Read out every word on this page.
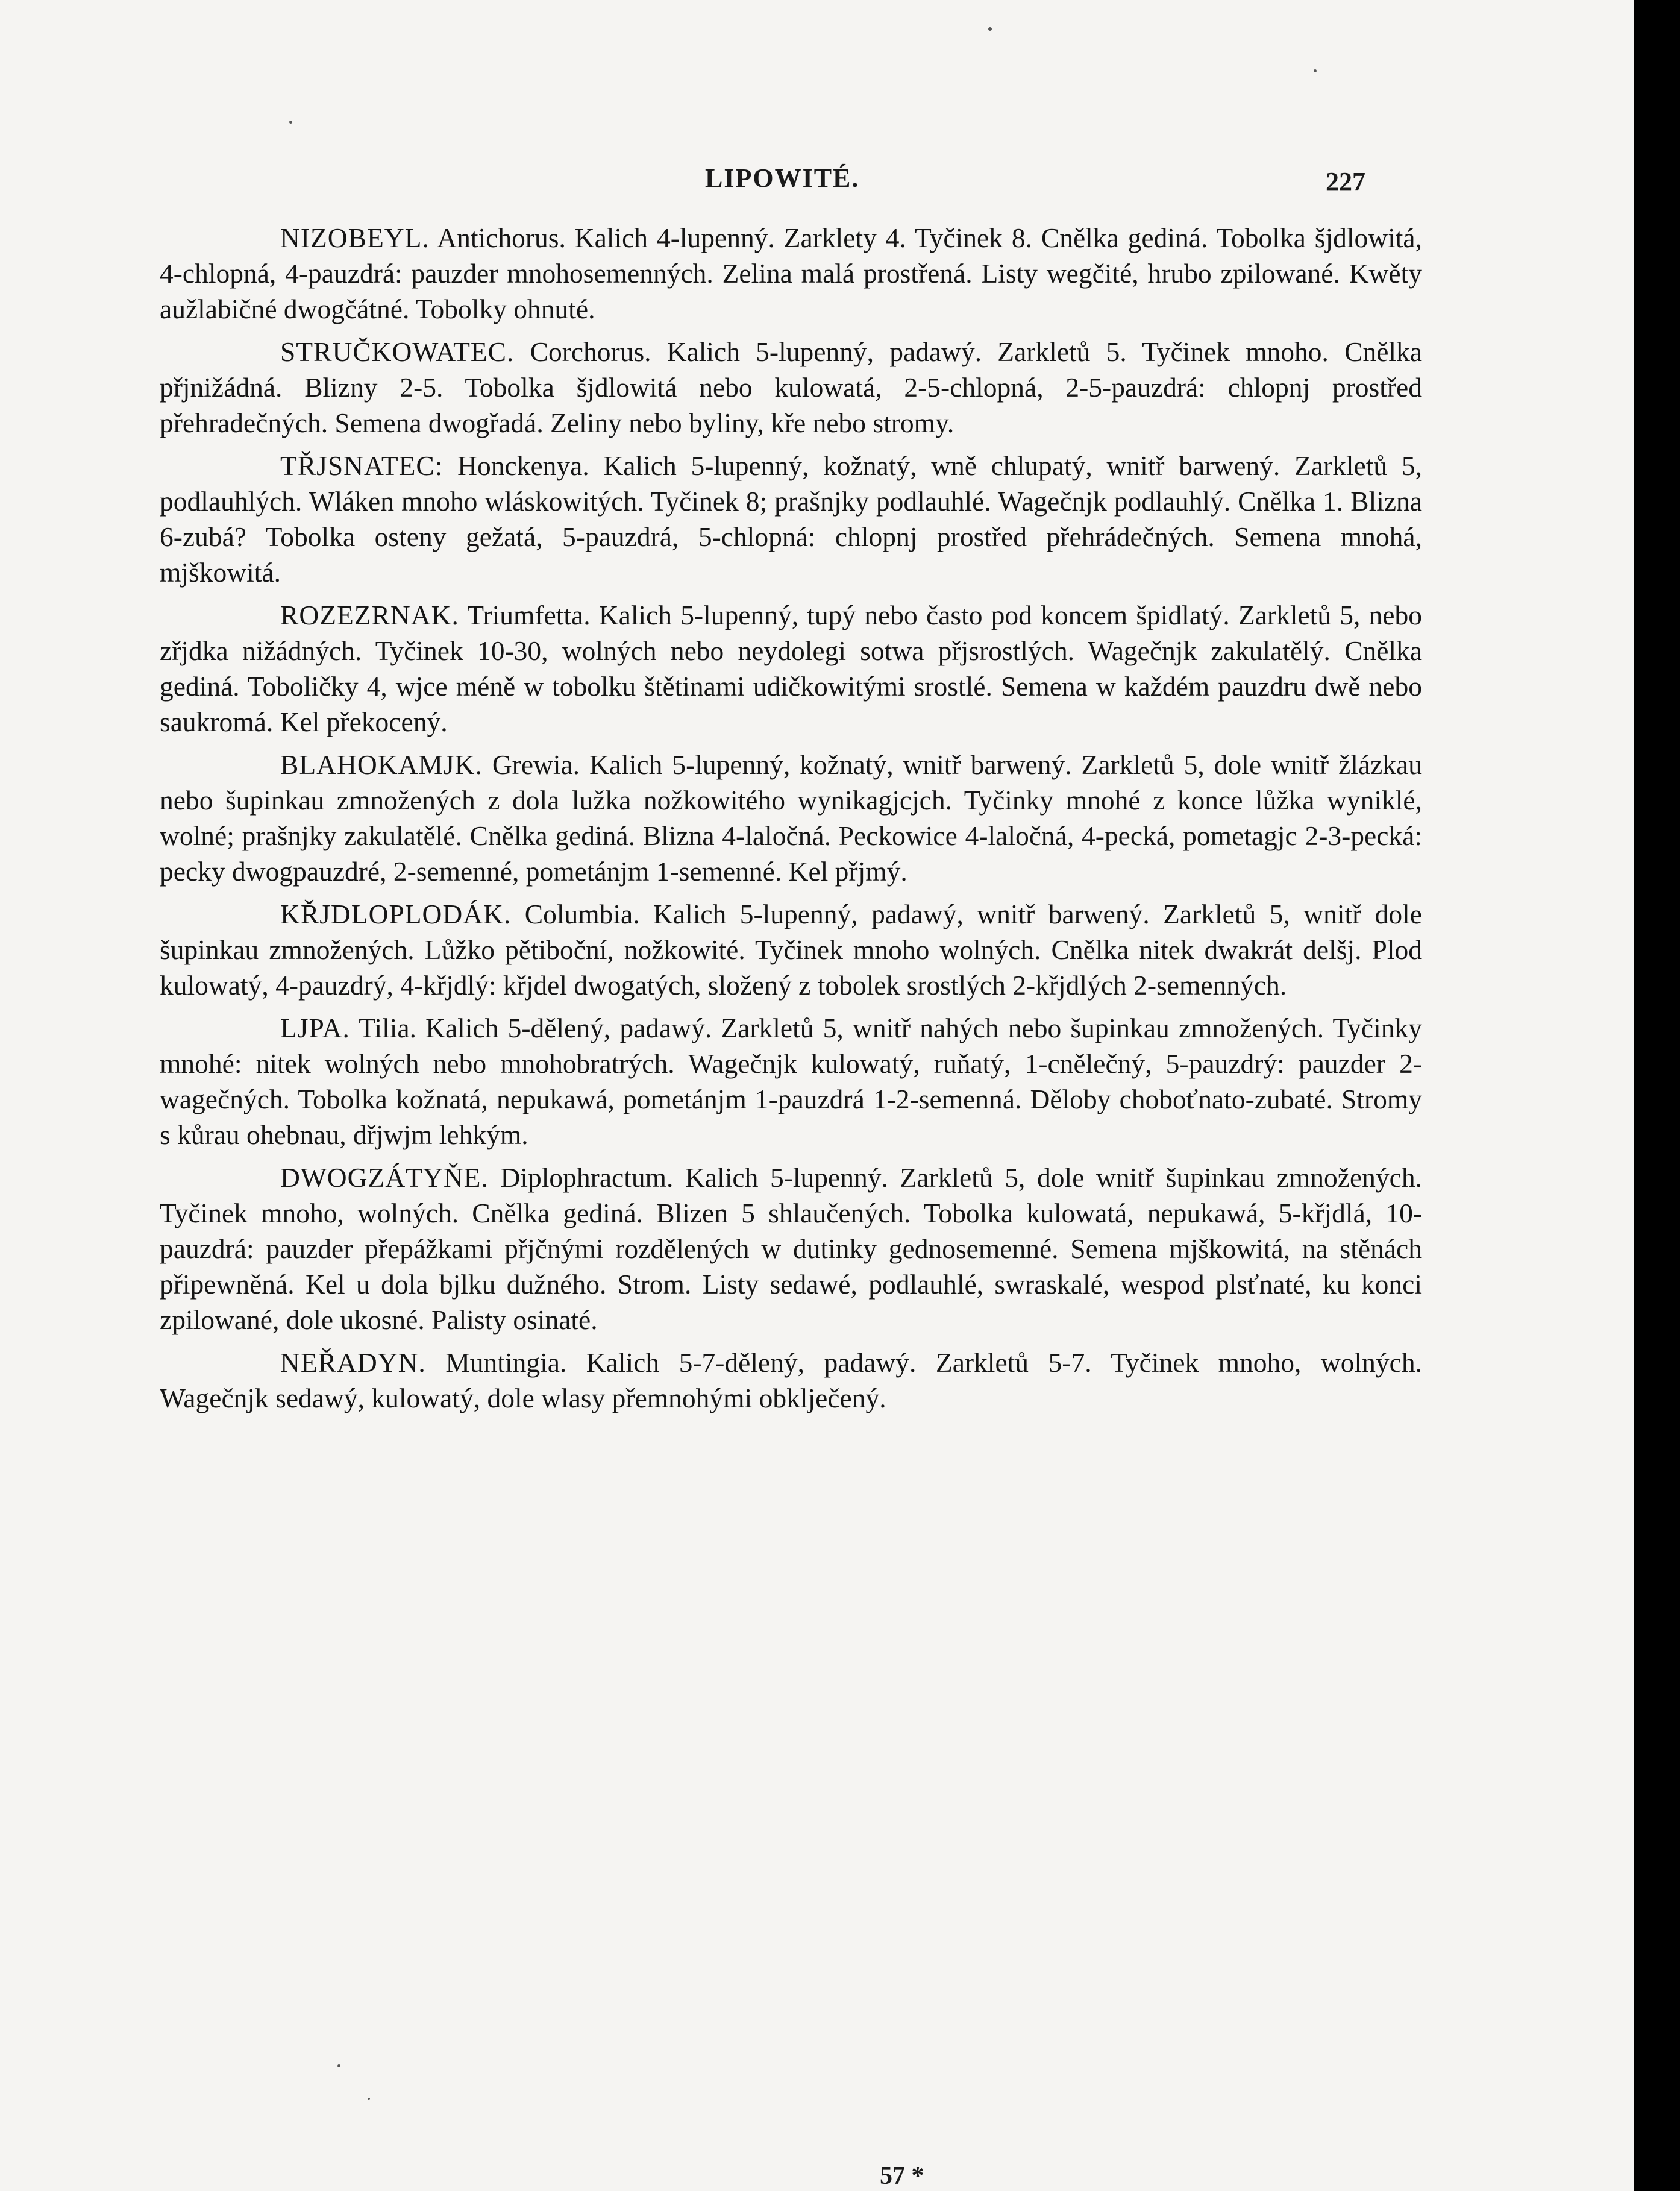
LIPOWITÉ.	227

NIZOBEYL. Antichorus. Kalich 4-lupenný. Zarklety 4. Tyčinek 8. Cnělka gediná. Tobolka šjdlowitá, 4-chlopná, 4-pauzdrá: pauzder mnohosemenných. Zelina malá prostřená. Listy wegčité, hrubo zpilowané. Kwěty aužlabičné dwogčátné. Tobolky ohnuté.

STRUČKOWATEC. Corchorus. Kalich 5-lupenný, padawý. Zarkletů 5. Tyčinek mnoho. Cnělka přjnižádná. Blizny 2-5. Tobolka šjdlowitá nebo kulowatá, 2-5-chlopná, 2-5-pauzdrá: chlopnj prostřed přehradečných. Semena dwogřadá. Zeliny nebo byliny, kře nebo stromy.

TŘJSNATEC: Honckenya. Kalich 5-lupenný, kožnatý, wně chlupatý, wnitř barwený. Zarkletů 5, podlauhlých. Wláken mnoho wláskowitých. Tyčinek 8; prašnjky podlauhlé. Wagečnjk podlauhlý. Cnělka 1. Blizna 6-zubá? Tobolka osteny gežatá, 5-pauzdrá, 5-chlopná: chlopnj prostřed přehrádečných. Semena mnohá, mjškowitá.

ROZEZRNAK. Triumfetta. Kalich 5-lupenný, tupý nebo často pod koncem špidlatý. Zarkletů 5, nebo zřjdka nižádných. Tyčinek 10-30, wolných nebo neydolegi sotwa přjsrostlých. Wagečnjk zakulatělý. Cnělka gediná. Toboličky 4, wjce méně w tobolku štětinami udičkowitými srostlé. Semena w každém pauzdru dwě nebo saukromá. Kel překocený.

BLAHOKAMJK. Grewia. Kalich 5-lupenný, kožnatý, wnitř barwený. Zarkletů 5, dole wnitř žlázkau nebo šupinkau zmnožených z dola lužka nožkowitého wynikagjcjch. Tyčinky mnohé z konce lůžka wyniklé, wolné; prašnjky zakulatělé. Cnělka gediná. Blizna 4-laločná. Peckowice 4-laločná, 4-pecká, pometagjc 2-3-pecká: pecky dwogpauzdré, 2-semenné, pometánjm 1-semenné. Kel přjmý.

KŘJDLOPLODÁK. Columbia. Kalich 5-lupenný, padawý, wnitř barwený. Zarkletů 5, wnitř dole šupinkau zmnožených. Lůžko pětiboční, nožkowité. Tyčinek mnoho wolných. Cnělka nitek dwakrát delšj. Plod kulowatý, 4-pauzdrý, 4-křjdlý: křjdel dwogatých, složený z tobolek srostlých 2-křjdlých 2-semenných.

LJPA. Tilia. Kalich 5-dělený, padawý. Zarkletů 5, wnitř nahých nebo šupinkau zmnožených. Tyčinky mnohé: nitek wolných nebo mnohobratrých. Wagečnjk kulowatý, ruňatý, 1-cnělečný, 5-pauzdrý: pauzder 2-wagečných. Tobolka kožnatá, nepukawá, pometánjm 1-pauzdrá 1-2-semenná. Děloby choboťnato-zubaté. Stromy s kůrau ohebnau, dřjwjm lehkým.

DWOGZÁTYŇE. Diplophractum. Kalich 5-lupenný. Zarkletů 5, dole wnitř šupinkau zmnožených. Tyčinek mnoho, wolných. Cnělka gediná. Blizen 5 shlaučených. Tobolka kulowatá, nepukawá, 5-křjdlá, 10-pauzdrá: pauzder přepážkami přjčnými rozdělených w dutinky gednosemenné. Semena mjškowitá, na stěnách připewněná. Kel u dola bjlku dužného. Strom. Listy sedawé, podlauhlé, swraskalé, wespod plsťnaté, ku konci zpilowané, dole ukosné. Palisty osinaté.

NEŘADYN. Muntingia. Kalich 5-7-dělený, padawý. Zarkletů 5-7. Tyčinek mnoho, wolných. Wagečnjk sedawý, kulowatý, dole wlasy přemnohými obklječený.

57 *
